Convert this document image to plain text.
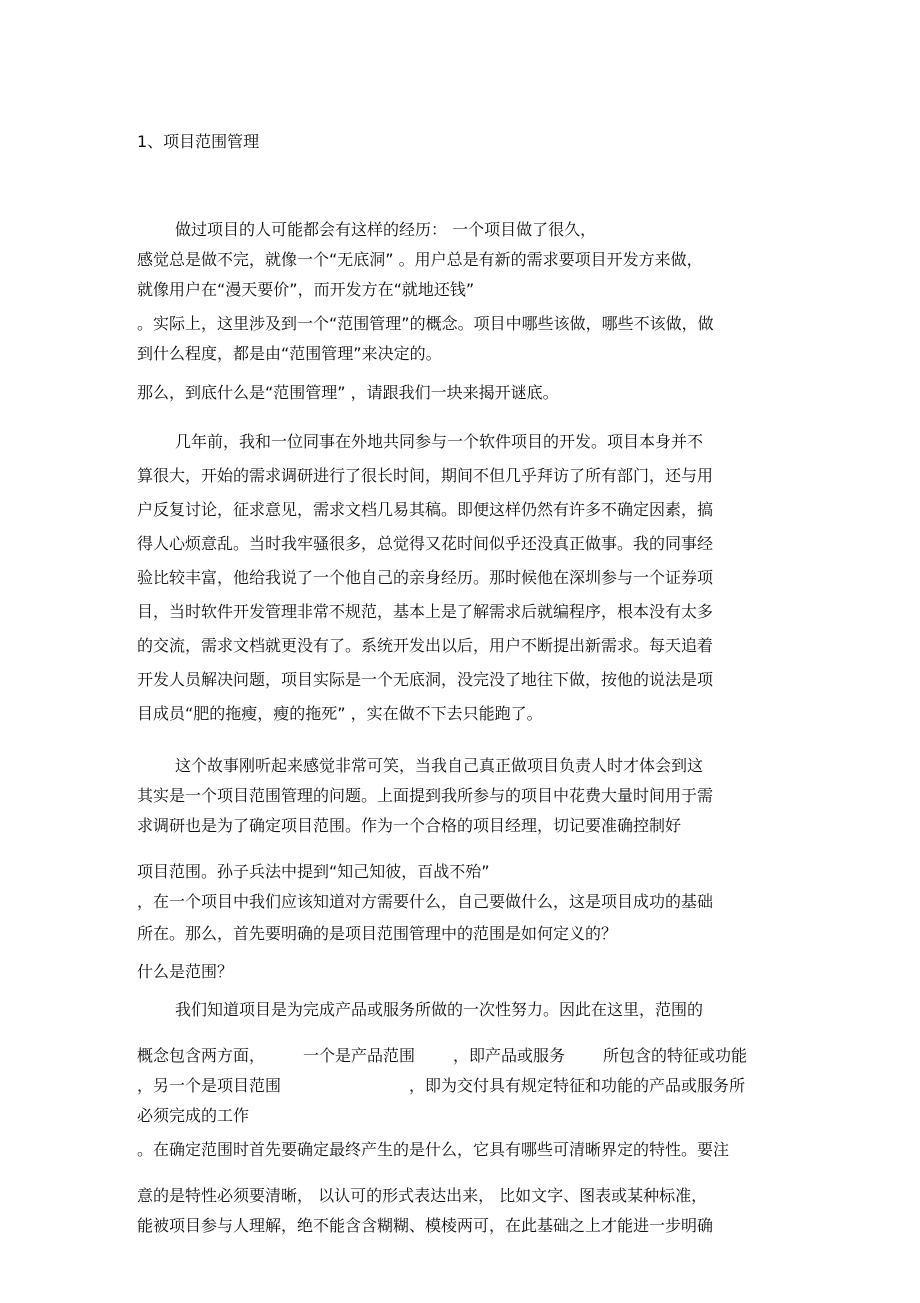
1、项目范围管理
做过项目的人可能都会有这样的经历： 一个项目做了很久，
感觉总是做不完，就像一个“无底洞” 。用户总是有新的需求要项目开发方来做，
就像用户在“漫天要价”，而开发方在“就地还钱”
。实际上，这里涉及到一个“范围管理”的概念。项目中哪些该做，哪些不该做，做
到什么程度，都是由“范围管理”来决定的。
那么，到底什么是“范围管理” ，请跟我们一块来揭开谜底。
几年前，我和一位同事在外地共同参与一个软件项目的开发。项目本身并不
算很大，开始的需求调研进行了很长时间，期间不但几乎拜访了所有部门，还与用
户反复讨论，征求意见，需求文档几易其稿。即便这样仍然有许多不确定因素，搞
得人心烦意乱。当时我牢骚很多，总觉得又花时间似乎还没真正做事。我的同事经
验比较丰富，他给我说了一个他自己的亲身经历。那时候他在深圳参与一个证券项
目，当时软件开发管理非常不规范，基本上是了解需求后就编程序，根本没有太多
的交流，需求文档就更没有了。系统开发出以后，用户不断提出新需求。每天追着
开发人员解决问题，项目实际是一个无底洞，没完没了地往下做，按他的说法是项
目成员“肥的拖瘦，瘦的拖死” ，实在做不下去只能跑了。
这个故事刚听起来感觉非常可笑，当我自己真正做项目负责人时才体会到这
其实是一个项目范围管理的问题。上面提到我所参与的项目中花费大量时间用于需
求调研也是为了确定项目范围。作为一个合格的项目经理，切记要准确控制好
项目范围。孙子兵法中提到“知己知彼，百战不殆”
，在一个项目中我们应该知道对方需要什么，自己要做什么，这是项目成功的基础
所在。那么，首先要明确的是项目范围管理中的范围是如何定义的？
什么是范围？
我们知道项目是为完成产品或服务所做的一次性努力。因此在这里，范围的
概念包含两方面， 一个是产品范围 ，即产品或服务 所包含的特征或功能
，另一个是项目范围	，即为交付具有规定特征和功能的产品或服务所
必须完成的工作
。在确定范围时首先要确定最终产生的是什么，它具有哪些可清晰界定的特性。要注
意的是特性必须要清晰， 以认可的形式表达出来， 比如文字、图表或某种标准，
能被项目参与人理解，绝不能含含糊糊、模棱两可，在此基础之上才能进一步明确
